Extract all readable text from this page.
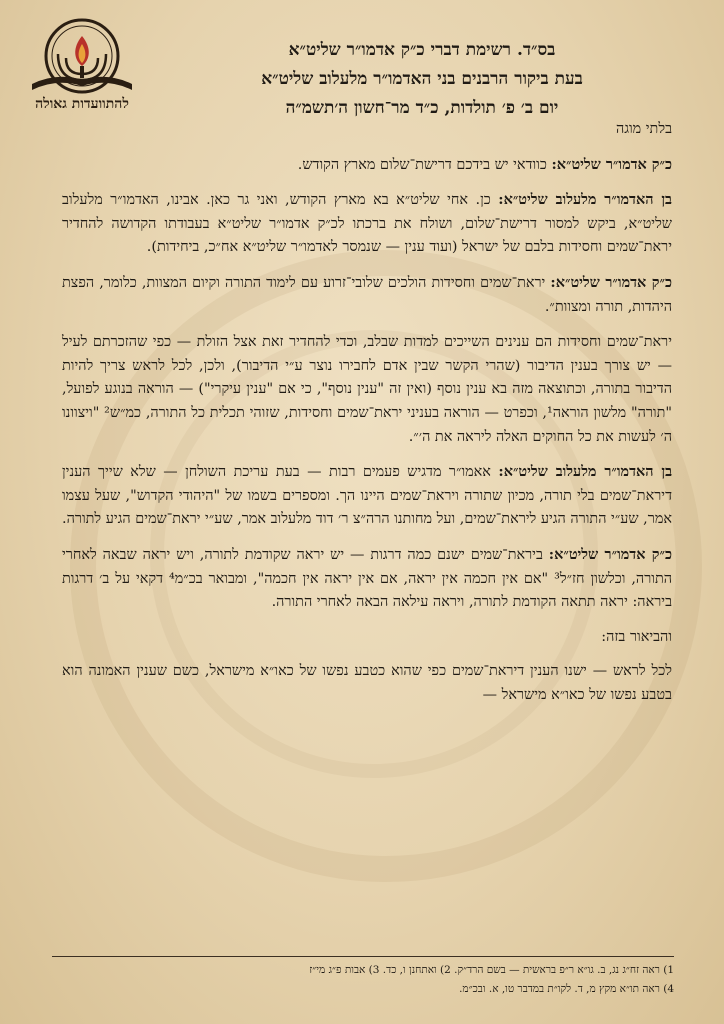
להתוועדות גאולה
בס״ד. רשימת דברי כ״ק אדמו״ר שליט״א
בעת ביקור הרבנים בני האדמו״ר מלעלוב שליט״א
יום ב׳ פ׳ תולדות, כ״ד מר־חשון ה׳תשמ״ה

בלתי מוגה

כ״ק אדמו״ר שליט״א: כוודאי יש בידכם דרישת־שלום מארץ הקודש.

בן האדמו״ר מלעלוב שליט״א: כן. אחי שליט״א בא מארץ הקודש, ואני גר כאן. אבינו, האדמו״ר מלעלוב שליט״א, ביקש למסור דרישת־שלום, ושולח את ברכתו לכ״ק אדמו״ר שליט״א בעבודתו הקדושה להחדיר יראת־שמים וחסידות בלבם של ישראל (ועוד ענין — שנמסר לאדמו״ר שליט״א אח״כ, ביחידות).

כ״ק אדמו״ר שליט״א: יראת־שמים וחסידות הולכים שלובי־זרוע עם לימוד התורה וקיום המצוות, כלומר, הפצת היהדות, תורה ומצוות״.

יראת־שמים וחסידות הם ענינים השייכים למדות שבלב, וכדי להחדיר זאת אצל הזולת — כפי שהזכרתם לעיל — יש צורך בענין הדיבור (שהרי הקשר שבין אדם לחבירו נוצר ע״י הדיבור), ולכן, לכל לראש צריך להיות הדיבור בתורה, וכתוצאה מזה בא ענין נוסף (ואין זה "ענין נוסף", כי אם "ענין עיקרי") — הוראה בנוגע לפועל, "תורה" מלשון הוראה¹, וכפרט — הוראה בעניני יראת־שמים וחסידות, שזוהי תכלית כל התורה, כמ״ש² "ויצוונו ה׳ לעשות את כל החוקים האלה ליראה את ה׳״.

בן האדמו״ר מלעלוב שליט״א: אאמו״ר מדגיש פעמים רבות — בעת עריכת השולחן — שלא שייך הענין דיראת־שמים בלי תורה, מכיון שתורה ויראת־שמים היינו הך. ומספרים בשמו של "היהודי הקדוש", שעל עצמו אמר, שע״י התורה הגיע ליראת־שמים, ועל מחותנו הרה״צ ר׳ דוד מלעלוב אמר, שע״י יראת־שמים הגיע לתורה.

כ״ק אדמו״ר שליט״א: ביראת־שמים ישנם כמה דרגות — יש יראה שקודמת לתורה, ויש יראה שבאה לאחרי התורה, וכלשון חז״ל³ "אם אין חכמה אין יראה, אם אין יראה אין חכמה", ומבואר בכ״מ⁴ דקאי על ב׳ דרגות ביראה: יראה תתאה הקודמת לתורה, ויראה עילאה הבאה לאחרי התורה.

והביאור בזה:

לכל לראש — ישנו הענין דיראת־שמים כפי שהוא כטבע נפשו של כאו״א מישראל, כשם שענין האמונה הוא בטבע נפשו של כאו״א מישראל —

1) ראה זח״ג נג, ב. גו״א ר״פ בראשית — בשם הרד״ק. 2) ואתחנן ו, כד. 3) אבות פ״ג מי״ז
4) ראה תו״א מקץ מ, ד. לקו״ת במדבר טו, א. ובכ״מ.
